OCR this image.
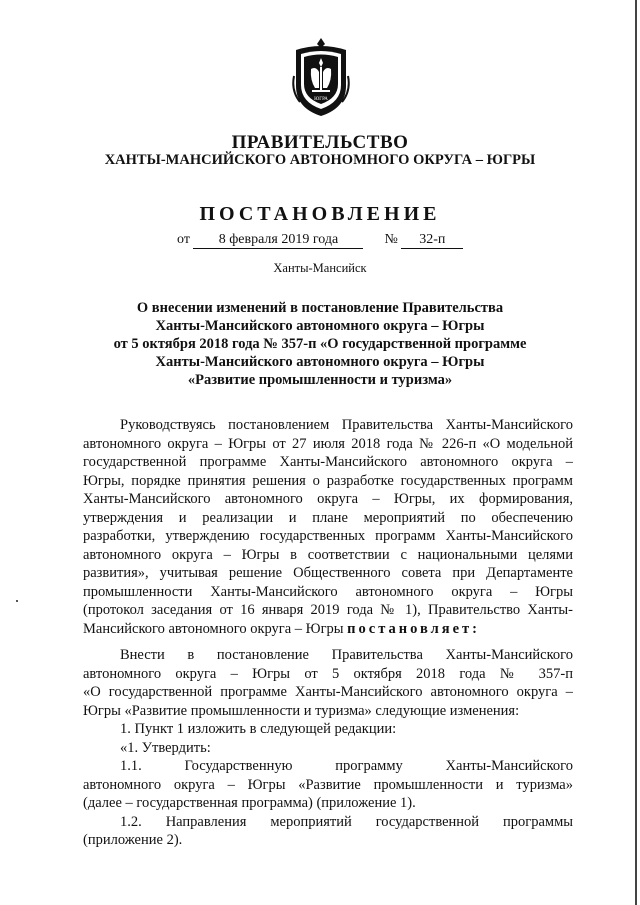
ЮГРА
ПРАВИТЕЛЬСТВО
ХАНТЫ-МАНСИЙСКОГО АВТОНОМНОГО ОКРУГА – ЮГРЫ
ПОСТАНОВЛЕНИЕ
от 8 февраля 2019 года	№ 32-п
Ханты-Мансийск
О внесении изменений в постановление Правительства
Ханты-Мансийского автономного округа – Югры
от 5 октября 2018 года № 357-п «О государственной программе
Ханты-Мансийского автономного округа – Югры
«Развитие промышленности и туризма»
Руководствуясь постановлением Правительства Ханты-Мансийского
автономного округа – Югры от 27 июля 2018 года № 226-п «О модельной
государственной программе Ханты-Мансийского автономного округа –
Югры, порядке принятия решения о разработке государственных программ
Ханты-Мансийского автономного округа – Югры, их формирования,
утверждения и реализации и плане мероприятий по обеспечению
разработки, утверждению государственных программ Ханты-Мансийского
автономного округа – Югры в соответствии с национальными целями
развития», учитывая решение Общественного совета при Департаменте
промышленности Ханты-Мансийского автономного округа – Югры
(протокол заседания от 16 января 2019 года № 1), Правительство Ханты-
Мансийского автономного округа – Югры постановляет:
Внести в постановление Правительства Ханты-Мансийского
автономного округа – Югры от 5 октября 2018 года № 357-п
«О государственной программе Ханты-Мансийского автономного округа –
Югры «Развитие промышленности и туризма» следующие изменения:
1. Пункт 1 изложить в следующей редакции:
«1. Утвердить:
1.1. Государственную программу Ханты-Мансийского
автономного округа – Югры «Развитие промышленности и туризма»
(далее – государственная программа) (приложение 1).
1.2. Направления мероприятий государственной программы
(приложение 2).
